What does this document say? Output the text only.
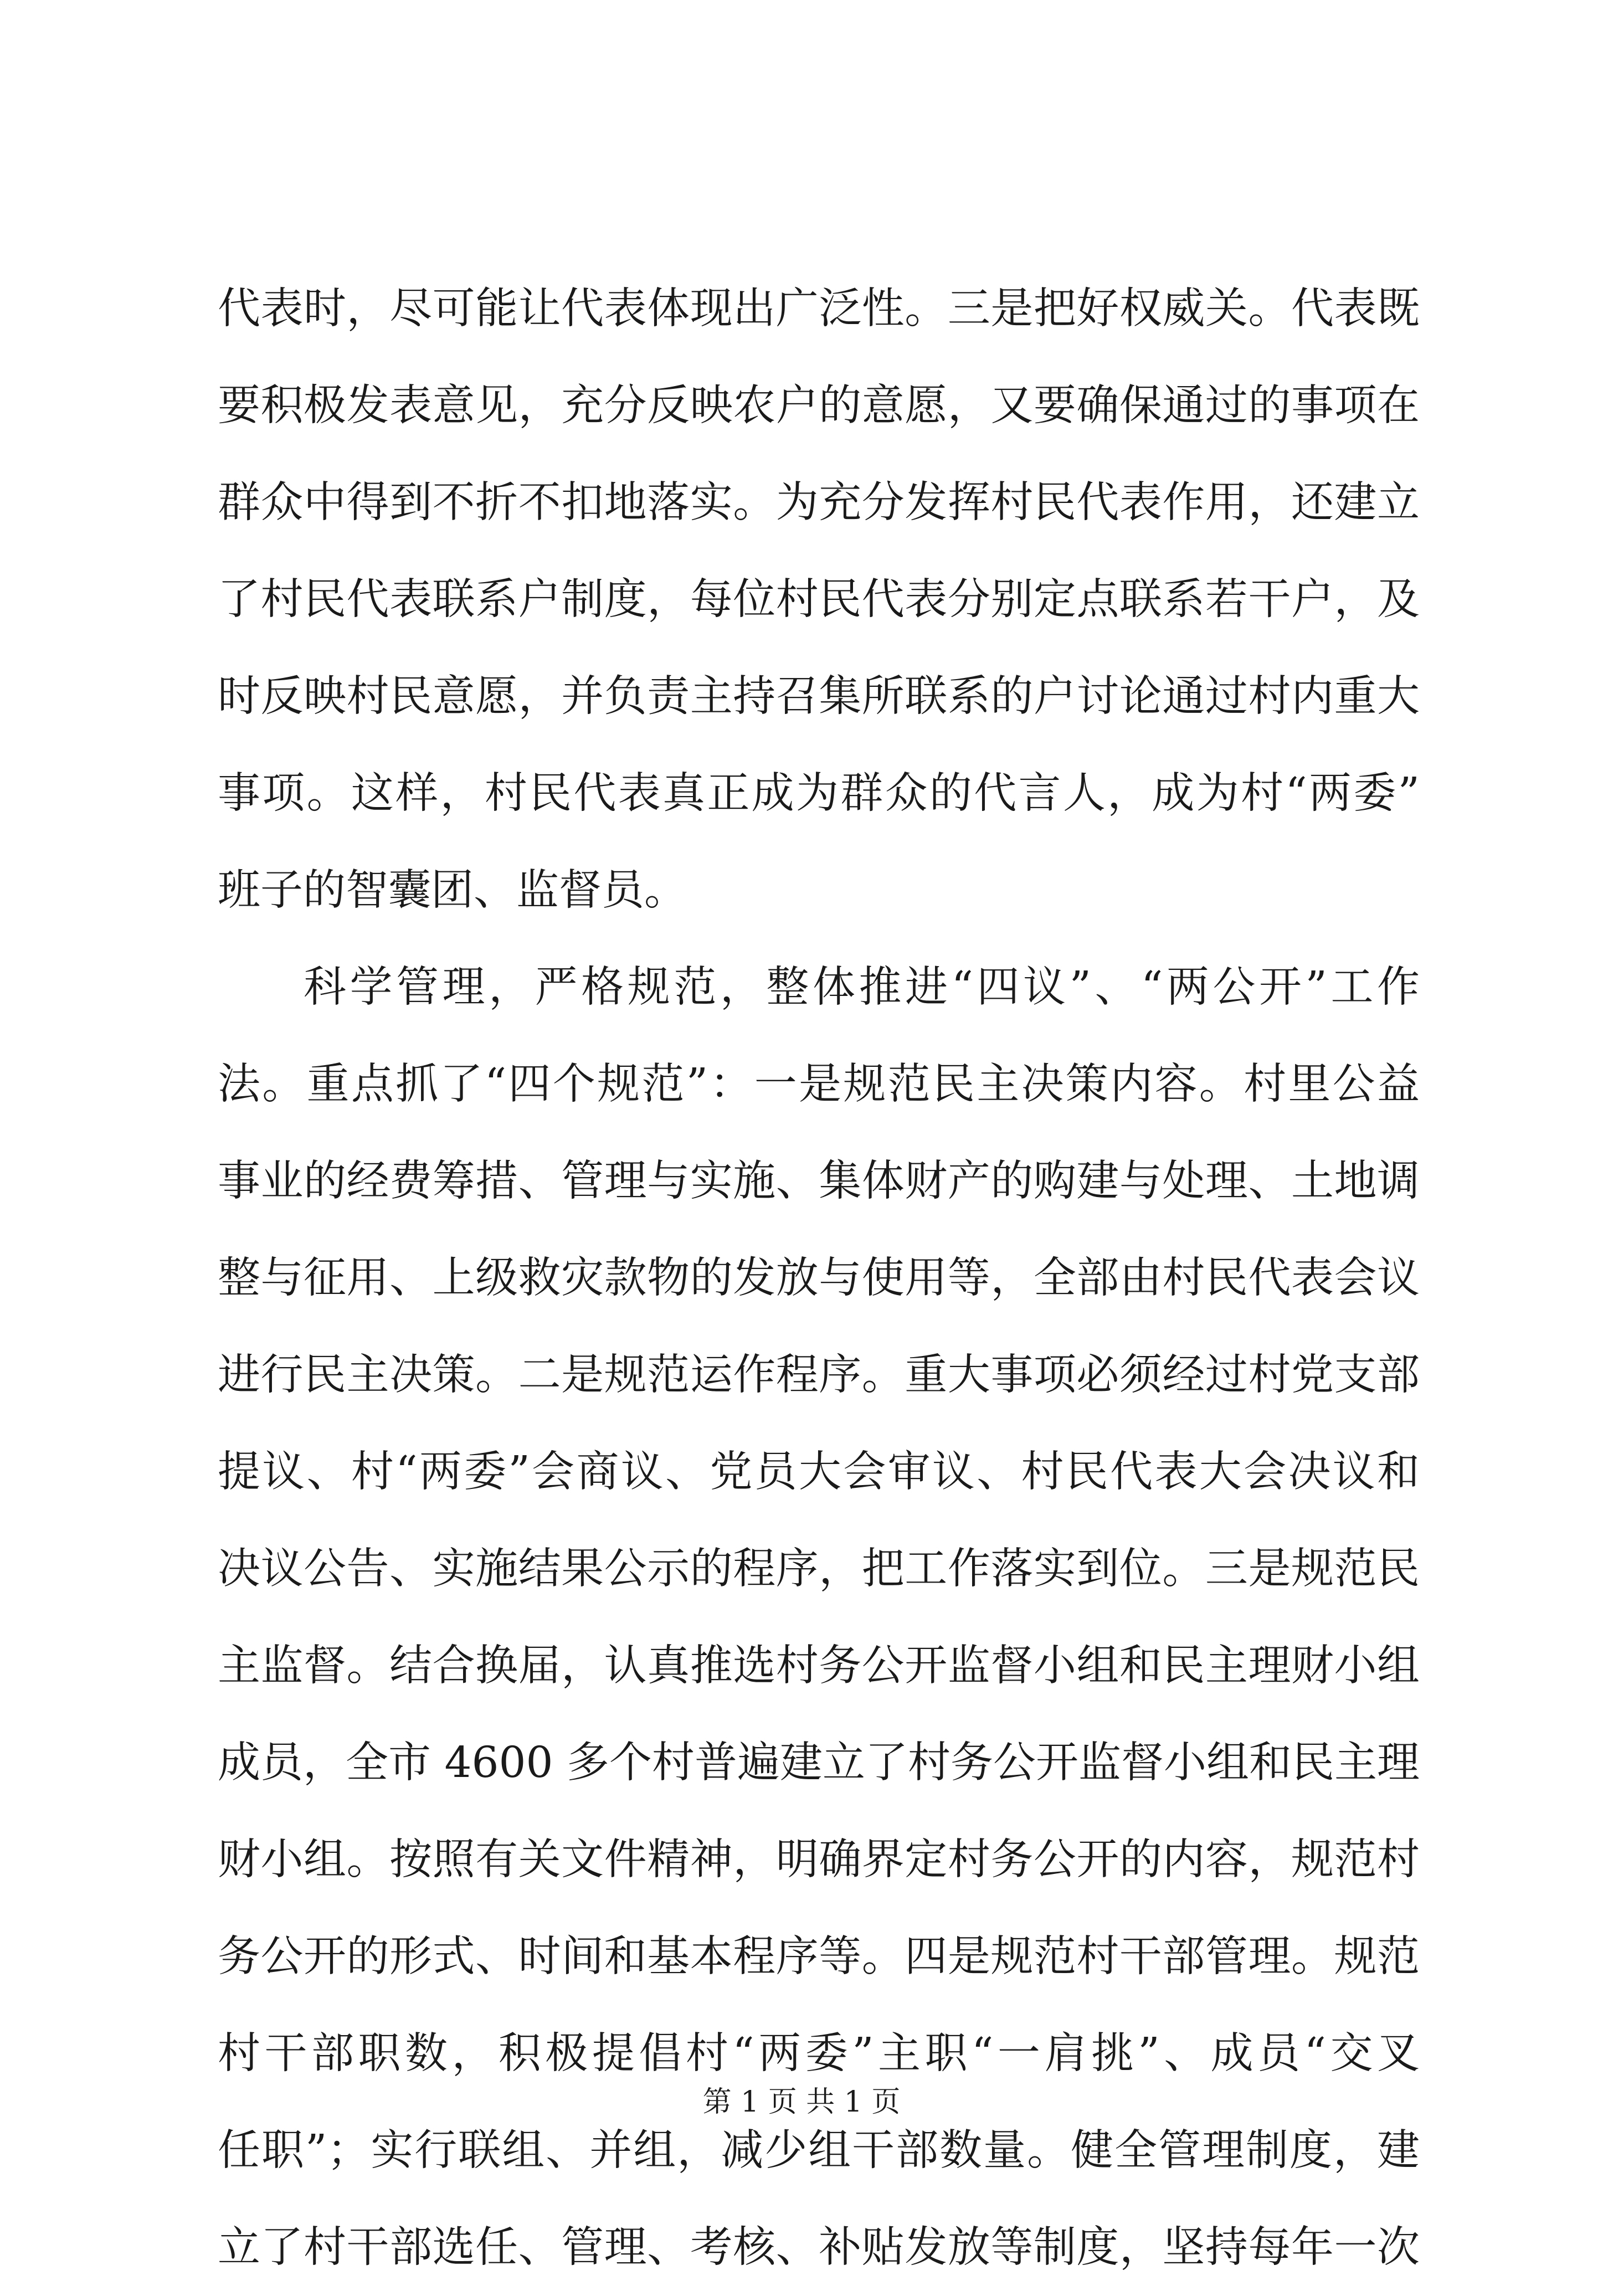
代表时，尽可能让代表体现出广泛性。三是把好权威关。代表既
要积极发表意见，充分反映农户的意愿，又要确保通过的事项在
群众中得到不折不扣地落实。为充分发挥村民代表作用，还建立
了村民代表联系户制度，每位村民代表分别定点联系若干户，及
时反映村民意愿，并负责主持召集所联系的户讨论通过村内重大
事项。这样，村民代表真正成为群众的代言人，成为村“两委”
班子的智囊团、监督员。
科学管理，严格规范，整体推进“四议”、“两公开”工作
法。重点抓了“四个规范”：一是规范民主决策内容。村里公益
事业的经费筹措、管理与实施、集体财产的购建与处理、土地调
整与征用、上级救灾款物的发放与使用等，全部由村民代表会议
进行民主决策。二是规范运作程序。重大事项必须经过村党支部
提议、村“两委”会商议、党员大会审议、村民代表大会决议和
决议公告、实施结果公示的程序，把工作落实到位。三是规范民
主监督。结合换届，认真推选村务公开监督小组和民主理财小组
成员，全市 4600 多个村普遍建立了村务公开监督小组和民主理
财小组。按照有关文件精神，明确界定村务公开的内容，规范村
务公开的形式、时间和基本程序等。四是规范村干部管理。规范
村干部职数，积极提倡村“两委”主职“一肩挑”、成员“交叉
任职”；实行联组、并组，减少组干部数量。健全管理制度，建
立了村干部选任、管理、考核、补贴发放等制度，坚持每年一次
第 1 页 共 1 页
